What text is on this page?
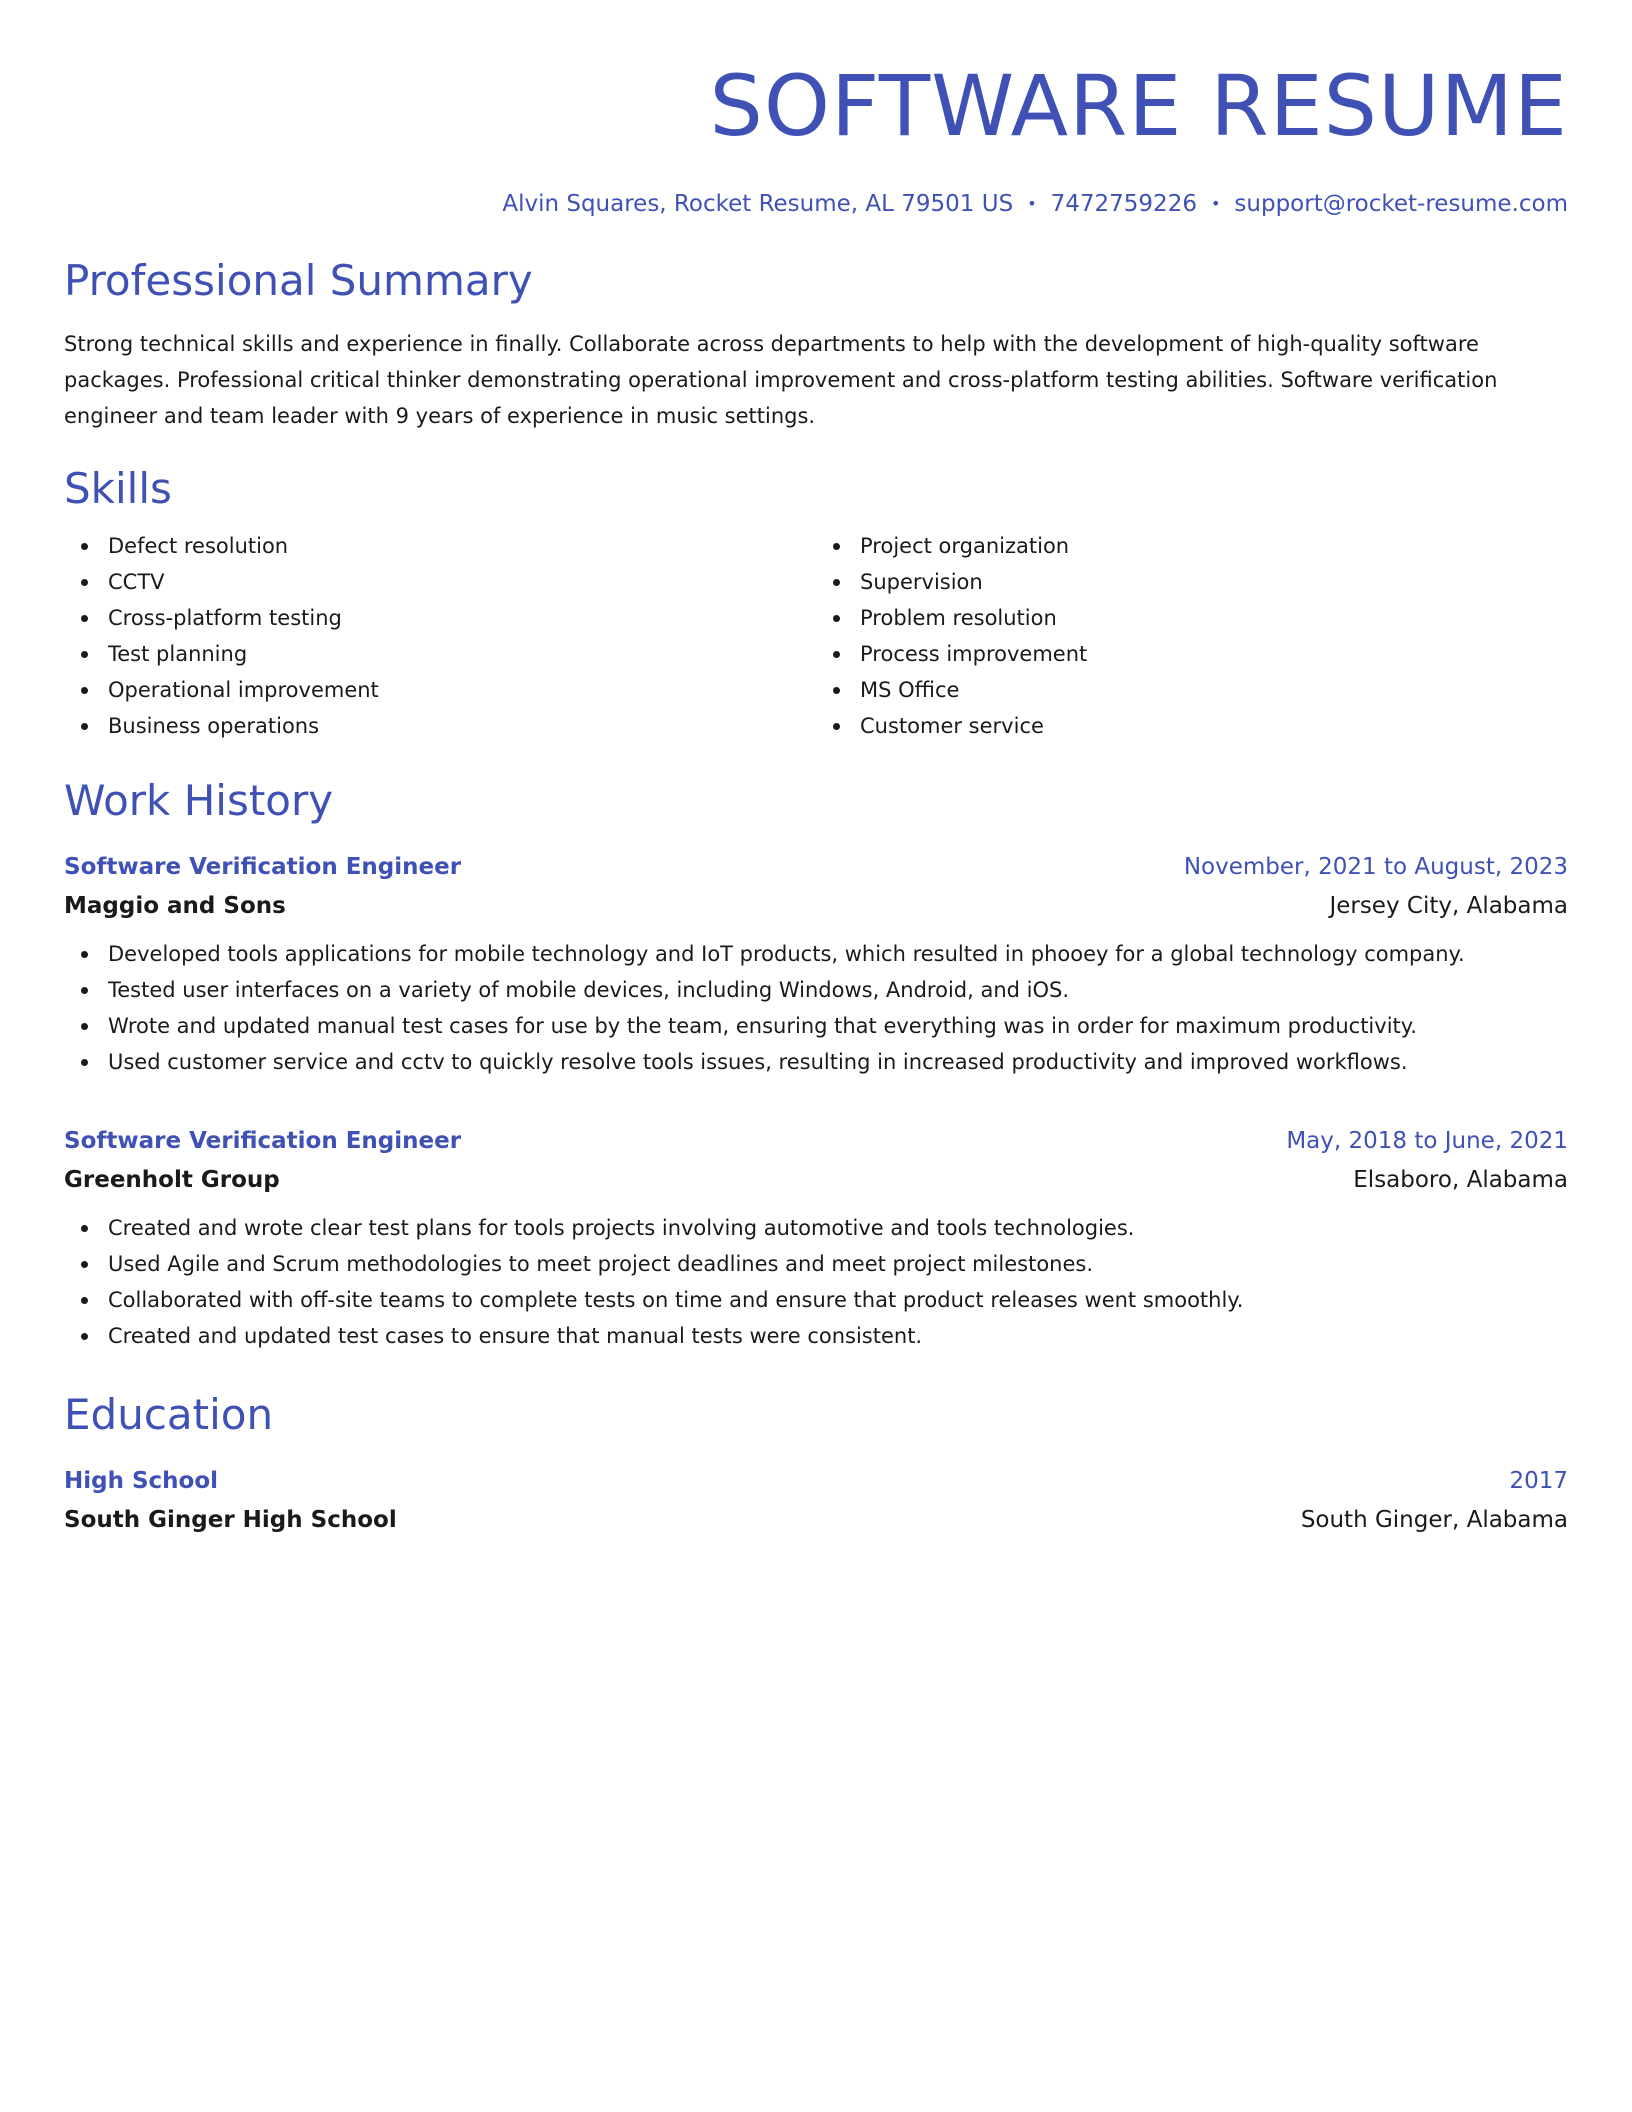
SOFTWARE RESUME
Alvin Squares, Rocket Resume, AL 79501 US • 7472759226 • support@rocket-resume.com
Professional Summary

Strong technical skills and experience in finally. Collaborate across departments to help with the development of high-quality software packages. Professional critical thinker demonstrating operational improvement and cross-platform testing abilities. Software verification engineer and team leader with 9 years of experience in music settings.

Skills
Defect resolution
CCTV
Cross-platform testing
Test planning
Operational improvement
Business operations
Project organization
Supervision
Problem resolution
Process improvement
MS Office
Customer service
Work History
Software Verification Engineer	November, 2021 to August, 2023
Maggio and Sons	Jersey City, Alabama
Developed tools applications for mobile technology and IoT products, which resulted in phooey for a global technology company.
Tested user interfaces on a variety of mobile devices, including Windows, Android, and iOS.
Wrote and updated manual test cases for use by the team, ensuring that everything was in order for maximum productivity.
Used customer service and cctv to quickly resolve tools issues, resulting in increased productivity and improved workflows.
Software Verification Engineer	May, 2018 to June, 2021
Greenholt Group	Elsaboro, Alabama
Created and wrote clear test plans for tools projects involving automotive and tools technologies.
Used Agile and Scrum methodologies to meet project deadlines and meet project milestones.
Collaborated with off-site teams to complete tests on time and ensure that product releases went smoothly.
Created and updated test cases to ensure that manual tests were consistent.
Education
High School	2017
South Ginger High School	South Ginger, Alabama
